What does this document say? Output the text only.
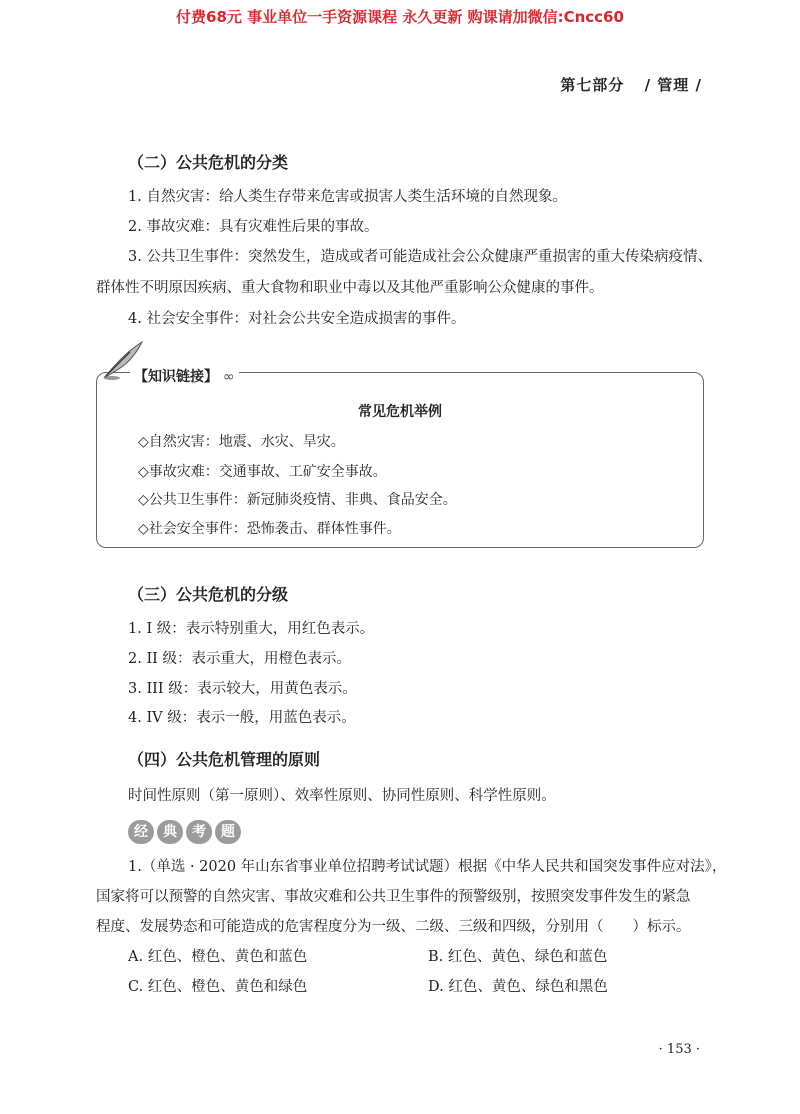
付费68元 事业单位一手资源课程 永久更新 购课请加微信:Cncc60
第七部分 / 管理 /
（二）公共危机的分类
1. 自然灾害：给人类生存带来危害或损害人类生活环境的自然现象。
2. 事故灾难：具有灾难性后果的事故。
3. 公共卫生事件：突然发生，造成或者可能造成社会公众健康严重损害的重大传染病疫情、
群体性不明原因疾病、重大食物和职业中毒以及其他严重影响公众健康的事件。
4. 社会安全事件：对社会公共安全造成损害的事件。
【知识链接】 ∞
常见危机举例
◇自然灾害：地震、水灾、旱灾。
◇事故灾难：交通事故、工矿安全事故。
◇公共卫生事件：新冠肺炎疫情、非典、食品安全。
◇社会安全事件：恐怖袭击、群体性事件。
（三）公共危机的分级
1. I 级：表示特别重大，用红色表示。
2. II 级：表示重大，用橙色表示。
3. III 级：表示较大，用黄色表示。
4. IV 级：表示一般，用蓝色表示。
（四）公共危机管理的原则
时间性原则（第一原则）、效率性原则、协同性原则、科学性原则。
经	典	考	题
1.（单选 · 2020 年山东省事业单位招聘考试试题）根据《中华人民共和国突发事件应对法》，
国家将可以预警的自然灾害、事故灾难和公共卫生事件的预警级别，按照突发事件发生的紧急
程度、发展势态和可能造成的危害程度分为一级、二级、三级和四级，分别用（　　）标示。
A. 红色、橙色、黄色和蓝色	B. 红色、黄色、绿色和蓝色
C. 红色、橙色、黄色和绿色	D. 红色、黄色、绿色和黑色
· 153 ·
